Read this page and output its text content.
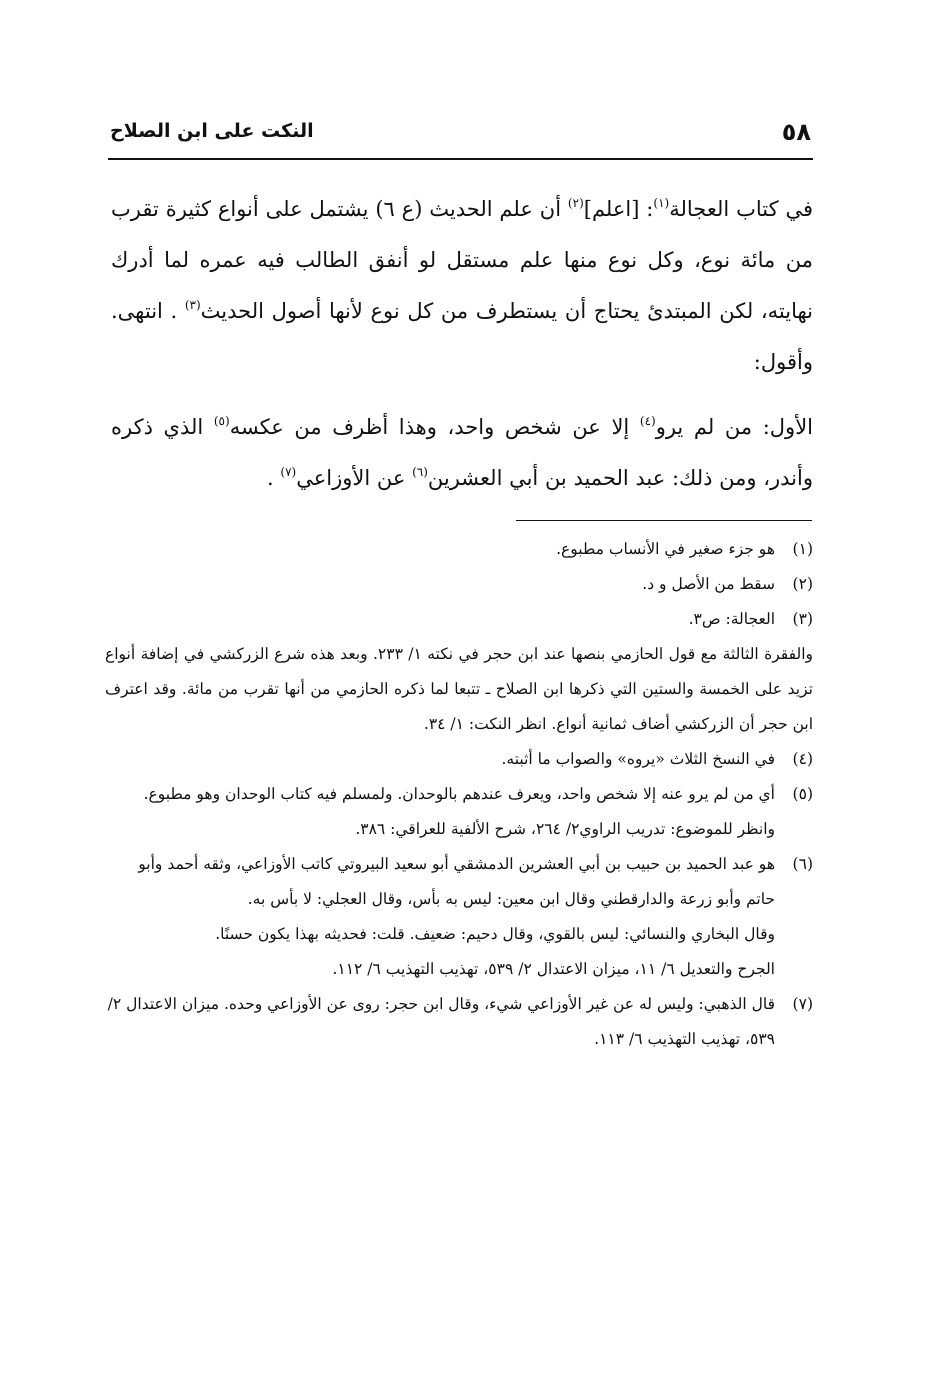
٥٨
النكت على ابن الصلاح

في كتاب العجالة$^{(١)}$: [اعلم]$^{(٢)}$ أن علم الحديث (ع ٦) يشتمل على أنواع كثيرة تقرب من مائة نوع، وكل نوع منها علم مستقل لو أنفق الطالب فيه عمره لما أدرك نهايته، لكن المبتدئ يحتاج أن يستطرف من كل نوع لأنها أصول الحديث$^{(٣)}$ . انتهى. وأقول:

الأول: من لم يرو$^{(٤)}$ إلا عن شخص واحد، وهذا أظرف من عكسه$^{(٥)}$ الذي ذكره وأندر، ومن ذلك: عبد الحميد بن أبي العشرين$^{(٦)}$ عن الأوزاعي$^{(٧)}$ .

(١)هو جزء صغير في الأنساب مطبوع.

(٢)سقط من الأصل و د.

(٣)العجالة: ص٣.

والفقرة الثالثة مع قول الحازمي بنصها عند ابن حجر في نكته ١/ ٢٣٣. وبعد هذه شرع الزركشي في إضافة أنواع تزيد على الخمسة والستين التي ذكرها ابن الصلاح ـ تتبعا لما ذكره الحازمي من أنها تقرب من مائة. وقد اعترف ابن حجر أن الزركشي أضاف ثمانية أنواع. انظر النكت: ١/ ٣٤.

(٤)في النسخ الثلاث «يروه» والصواب ما أثبته.

(٥)أي من لم يرو عنه إلا شخص واحد، ويعرف عندهم بالوحدان. ولمسلم فيه كتاب الوحدان وهو مطبوع.

وانظر للموضوع: تدريب الراوي٢/ ٢٦٤، شرح الألفية للعراقي: ٣٨٦.

(٦)هو عبد الحميد بن حبيب بن أبي العشرين الدمشقي أبو سعيد البيروتي كاتب الأوزاعي، وثقه أحمد وأبو حاتم وأبو زرعة والدارقطني وقال ابن معين: ليس به بأس، وقال العجلي: لا بأس به.

وقال البخاري والنسائي: ليس بالقوي، وقال دحيم: ضعيف. قلت: فحديثه بهذا يكون حسنًا.

الجرح والتعديل ٦/ ١١، ميزان الاعتدال ٢/ ٥٣٩، تهذيب التهذيب ٦/ ١١٢.

(٧)قال الذهبي: وليس له عن غير الأوزاعي شيء، وقال ابن حجر: روى عن الأوزاعي وحده. ميزان الاعتدال ٢/ ٥٣٩، تهذيب التهذيب ٦/ ١١٣.
